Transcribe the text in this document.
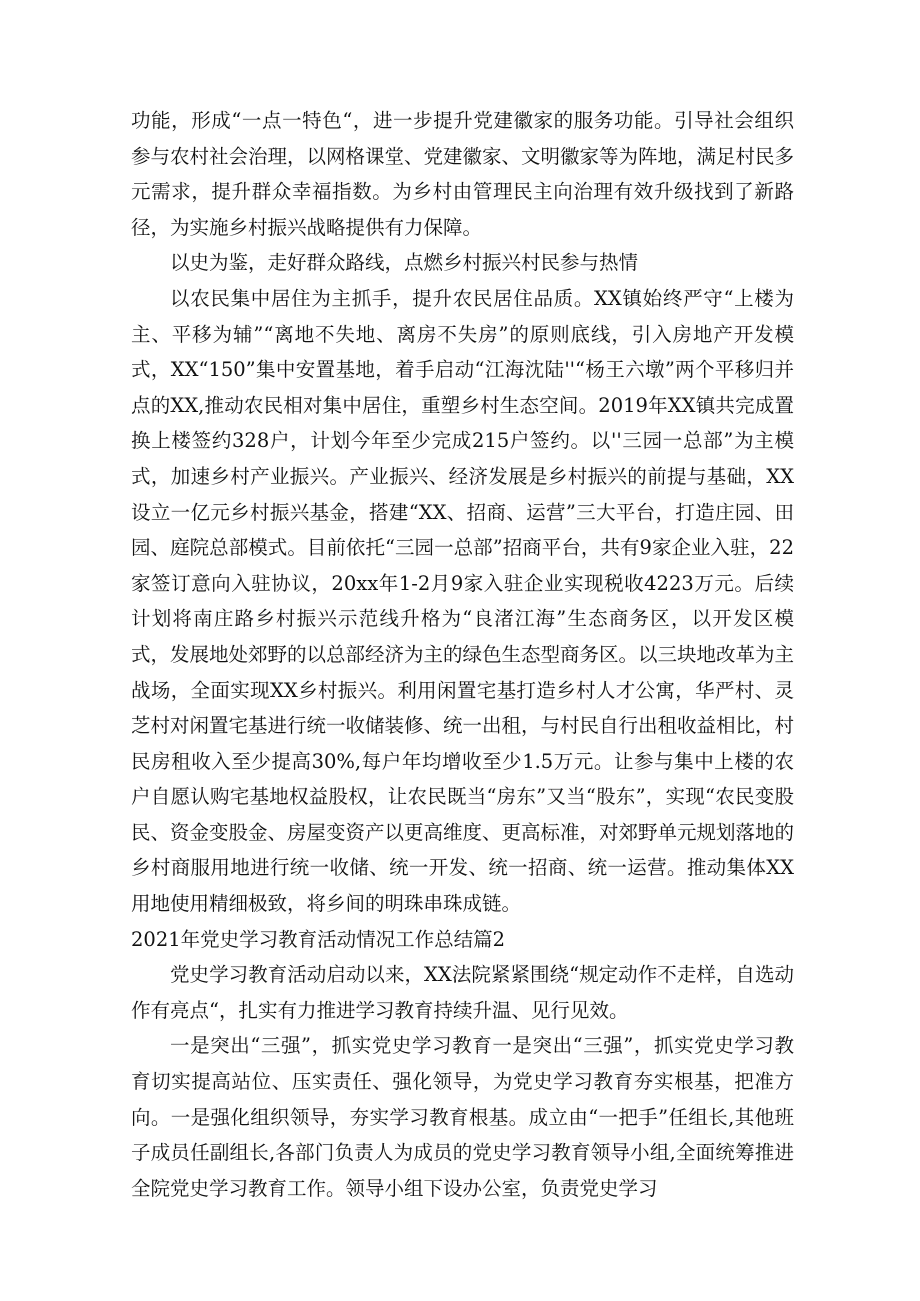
功能，形成“一点一特色“，进一步提升党建徽家的服务功能。引导社会组织参与农村社会治理，以网格课堂、党建徽家、文明徽家等为阵地，满足村民多元需求，提升群众幸福指数。为乡村由管理民主向治理有效升级找到了新路径，为实施乡村振兴战略提供有力保障。

以史为鉴，走好群众路线，点燃乡村振兴村民参与热情

以农民集中居住为主抓手，提升农民居住品质。XX镇始终严守“上楼为主、平移为辅”“离地不失地、离房不失房”的原则底线，引入房地产开发模式，XX“150”集中安置基地，着手启动“江海沈陆''“杨王六墩”两个平移归并点的XX,推动农民相对集中居住，重塑乡村生态空间。2019年XX镇共完成置换上楼签约328户，计划今年至少完成215户签约。以''三园一总部”为主模式，加速乡村产业振兴。产业振兴、经济发展是乡村振兴的前提与基础，XX设立一亿元乡村振兴基金，搭建“XX、招商、运营”三大平台，打造庄园、田园、庭院总部模式。目前依托“三园一总部”招商平台，共有9家企业入驻，22家签订意向入驻协议，20xx年1-2月9家入驻企业实现税收4223万元。后续计划将南庄路乡村振兴示范线升格为“良渚江海”生态商务区，以开发区模式，发展地处郊野的以总部经济为主的绿色生态型商务区。以三块地改革为主战场，全面实现XX乡村振兴。利用闲置宅基打造乡村人才公寓，华严村、灵芝村对闲置宅基进行统一收储装修、统一出租，与村民自行出租收益相比，村民房租收入至少提高30%,每户年均增收至少1.5万元。让参与集中上楼的农户自愿认购宅基地权益股权，让农民既当“房东”又当“股东”，实现“农民变股民、资金变股金、房屋变资产以更高维度、更高标准，对郊野单元规划落地的乡村商服用地进行统一收储、统一开发、统一招商、统一运营。推动集体XX用地使用精细极致，将乡间的明珠串珠成链。

2021年党史学习教育活动情况工作总结篇2

党史学习教育活动启动以来，XX法院紧紧围绕“规定动作不走样，自选动作有亮点“，扎实有力推进学习教育持续升温、见行见效。

一是突出“三强”，抓实党史学习教育一是突出“三强”，抓实党史学习教育切实提高站位、压实责任、强化领导，为党史学习教育夯实根基，把准方向。一是强化组织领导，夯实学习教育根基。成立由“一把手”任组长,其他班子成员任副组长,各部门负责人为成员的党史学习教育领导小组,全面统筹推进全院党史学习教育工作。领导小组下设办公室，负责党史学习
